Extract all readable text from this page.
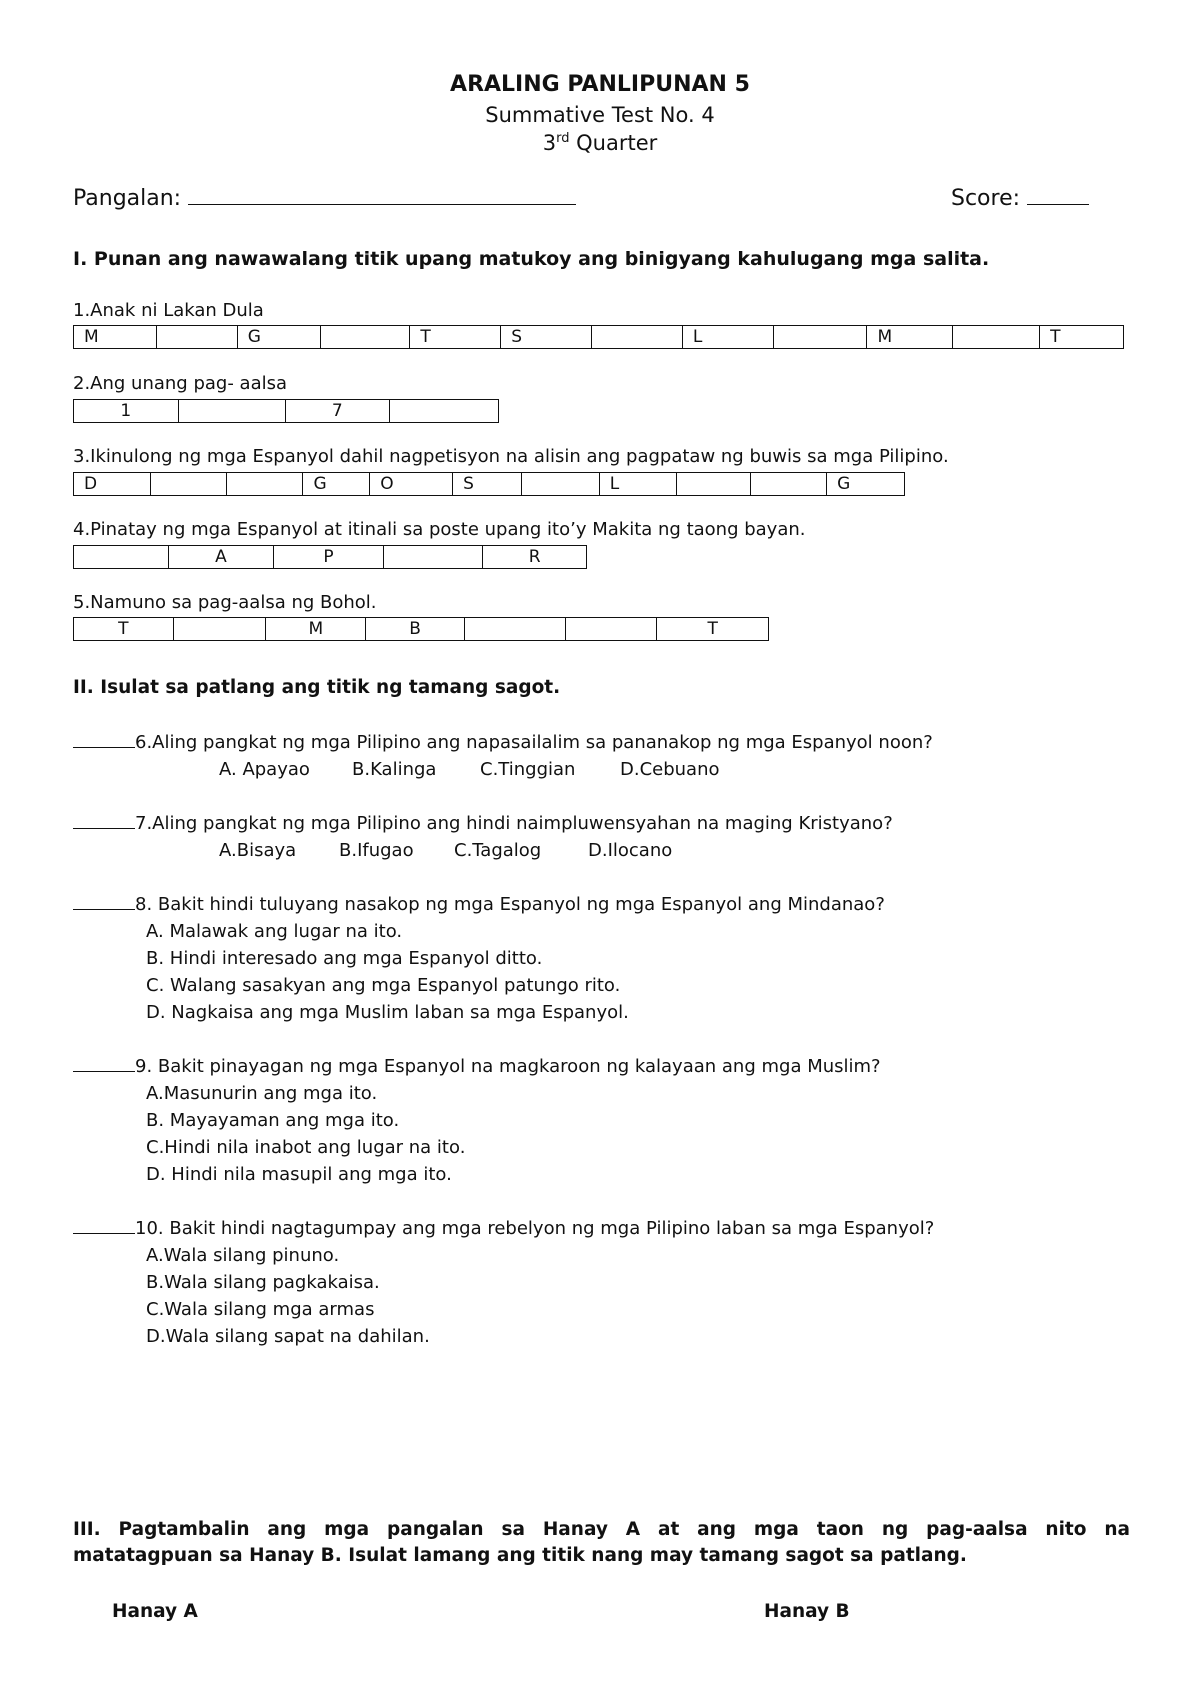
ARALING PANLIPUNAN 5
Summative Test No. 4
3rd Quarter
Pangalan:	Score:
I. Punan ang nawawalang titik upang matukoy ang binigyang kahulugang mga salita.
1.Anak ni Lakan Dula
M	G	T	S	L	M	T
2.Ang unang pag- aalsa
1	7
3.Ikinulong ng mga Espanyol dahil nagpetisyon na alisin ang pagpataw ng buwis sa mga Pilipino.
D	G	O	S	L	G
4.Pinatay ng mga Espanyol at itinali sa poste upang ito’y Makita ng taong bayan.
A	P	R
5.Namuno sa pag-aalsa ng Bohol.
T	M	B	T
II. Isulat sa patlang ang titik ng tamang sagot.
6.Aling pangkat ng mga Pilipino ang napasailalim sa pananakop ng mga Espanyol noon?
A. Apayao B.Kalinga C.Tinggian D.Cebuano
7.Aling pangkat ng mga Pilipino ang hindi naimpluwensyahan na maging Kristyano?
A.Bisaya B.Ifugao C.Tagalog	D.Ilocano
8. Bakit hindi tuluyang nasakop ng mga Espanyol ng mga Espanyol ang Mindanao?
A. Malawak ang lugar na ito.
B. Hindi interesado ang mga Espanyol ditto.
C. Walang sasakyan ang mga Espanyol patungo rito.
D. Nagkaisa ang mga Muslim laban sa mga Espanyol.
9. Bakit pinayagan ng mga Espanyol na magkaroon ng kalayaan ang mga Muslim?
A.Masunurin ang mga ito.
B. Mayayaman ang mga ito.
C.Hindi nila inabot ang lugar na ito.
D. Hindi nila masupil ang mga ito.
10. Bakit hindi nagtagumpay ang mga rebelyon ng mga Pilipino laban sa mga Espanyol?
A.Wala silang pinuno.
B.Wala silang pagkakaisa.
C.Wala silang mga armas
D.Wala silang sapat na dahilan.
III. Pagtambalin ang mga pangalan sa Hanay A at ang mga taon ng pag-aalsa nito na
matatagpuan sa Hanay B. Isulat lamang ang titik nang may tamang sagot sa patlang.
Hanay A	Hanay B
